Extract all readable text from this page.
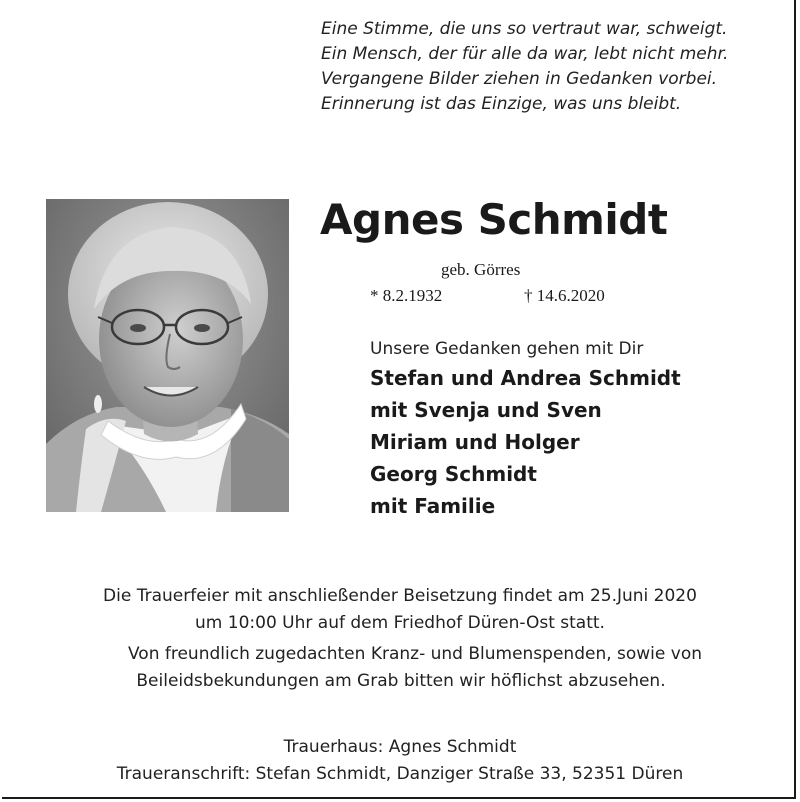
Eine Stimme, die uns so vertraut war, schweigt.
Ein Mensch, der für alle da war, lebt nicht mehr.
Vergangene Bilder ziehen in Gedanken vorbei.
Erinnerung ist das Einzige, was uns bleibt.
Agnes Schmidt
geb. Görres
* 8.2.1932	† 14.6.2020
Unsere Gedanken gehen mit Dir
Stefan und Andrea Schmidt
mit Svenja und Sven
Miriam und Holger
Georg Schmidt
mit Familie
Die Trauerfeier mit anschließender Beisetzung findet am 25.Juni 2020
um 10:00 Uhr auf dem Friedhof Düren-Ost statt.
Von freundlich zugedachten Kranz- und Blumenspenden, sowie von
Beileidsbekundungen am Grab bitten wir höflichst abzusehen.
Trauerhaus: Agnes Schmidt
Traueranschrift: Stefan Schmidt, Danziger Straße 33, 52351 Düren
